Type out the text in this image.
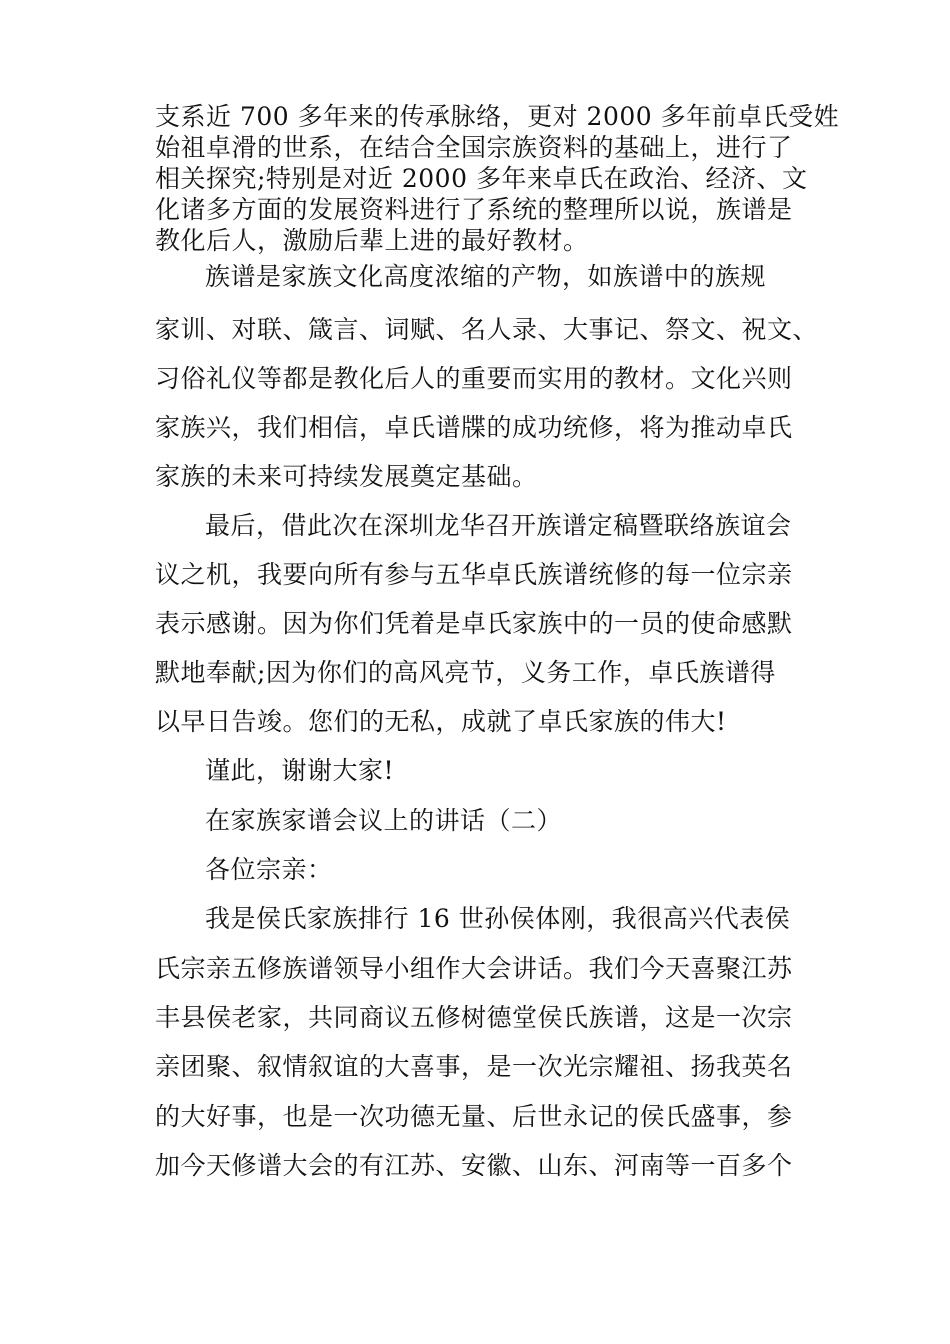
支系近 700 多年来的传承脉络，更对 2000 多年前卓氏受姓
始祖卓滑的世系，在结合全国宗族资料的基础上，进行了
相关探究;特别是对近 2000 多年来卓氏在政治、经济、文
化诸多方面的发展资料进行了系统的整理所以说，族谱是
教化后人，激励后辈上进的最好教材。
族谱是家族文化高度浓缩的产物，如族谱中的族规
家训、对联、箴言、词赋、名人录、大事记、祭文、祝文、
习俗礼仪等都是教化后人的重要而实用的教材。文化兴则
家族兴，我们相信，卓氏谱牒的成功统修，将为推动卓氏
家族的未来可持续发展奠定基础。
最后，借此次在深圳龙华召开族谱定稿暨联络族谊会
议之机，我要向所有参与五华卓氏族谱统修的每一位宗亲
表示感谢。因为你们凭着是卓氏家族中的一员的使命感默
默地奉献;因为你们的高风亮节，义务工作，卓氏族谱得
以早日告竣。您们的无私，成就了卓氏家族的伟大!
谨此，谢谢大家!
在家族家谱会议上的讲话（二）
各位宗亲：
我是侯氏家族排行 16 世孙侯体刚，我很高兴代表侯
氏宗亲五修族谱领导小组作大会讲话。我们今天喜聚江苏
丰县侯老家，共同商议五修树德堂侯氏族谱，这是一次宗
亲团聚、叙情叙谊的大喜事，是一次光宗耀祖、扬我英名
的大好事，也是一次功德无量、后世永记的侯氏盛事，参
加今天修谱大会的有江苏、安徽、山东、河南等一百多个
